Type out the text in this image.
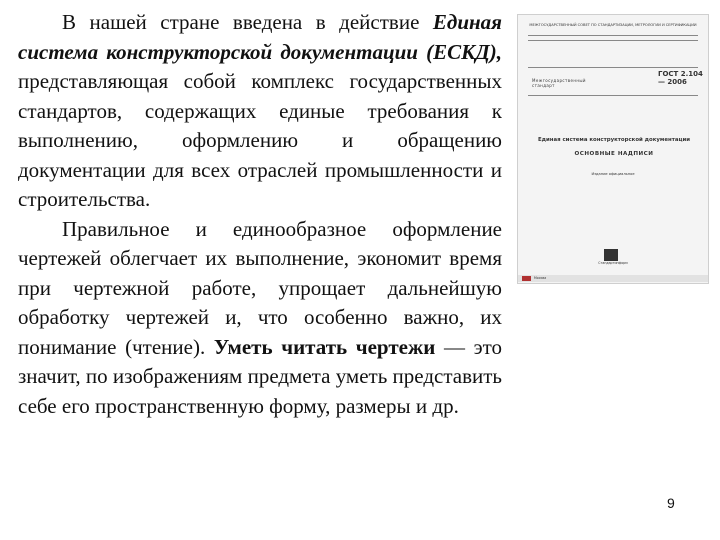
В нашей стране введена в действие Единая система конструкторской документации (ЕСКД), представляющая собой комплекс государственных стандартов, содержащих единые требования к выполнению, оформлению и обращению документации для всех отраслей промышленности и строительства.

Правильное и единообразное оформление чертежей облегчает их выполнение, экономит время при чертежной работе, упрощает дальнейшую обработку чертежей и, что особенно важно, их понимание (чтение). Уметь читать чертежи — это значит, по изображениям предмета уметь представить себе его пространственную форму, размеры и др.

МЕЖГОСУДАРСТВЕННЫЙ СОВЕТ ПО СТАНДАРТИЗАЦИИ, МЕТРОЛОГИИ И СЕРТИФИКАЦИИ
Межгосударственный стандарт
ГОСТ 2.104— 2006
Единая система конструкторской документации
ОСНОВНЫЕ НАДПИСИ
Издание официальное
Стандартинформ
Москва
9
